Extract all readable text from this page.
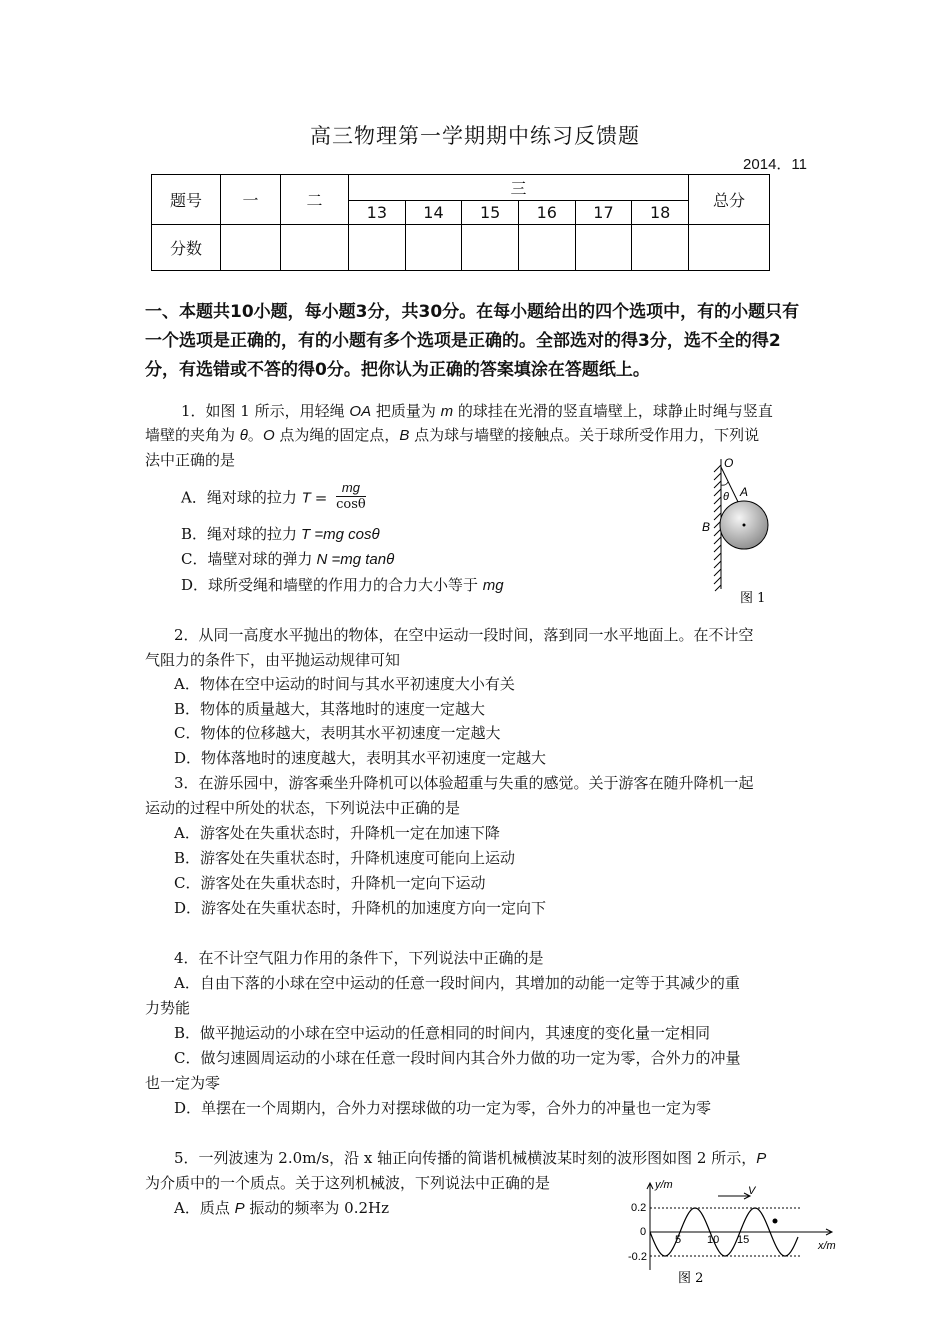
高三物理第一学期期中练习反馈题
2014．11
题号	一	二	三						总分
			13	14	15	16	17	18	
分数									
一、本题共10小题，每小题3分，共30分。在每小题给出的四个选项中，有的小题只有一个选项是正确的，有的小题有多个选项是正确的。全部选对的得3分，选不全的得2分，有选错或不答的得0分。把你认为正确的答案填涂在答题纸上。
1．如图 1 所示，用轻绳 OA 把质量为 m 的球挂在光滑的竖直墙壁上，球静止时绳与竖直
墙壁的夹角为 θ。O 点为绳的固定点，B 点为球与墙壁的接触点。关于球所受作用力，下列说
法中正确的是
A．绳对球的拉力 $T = \frac{mg}{\cos\theta}$
B．绳对球的拉力 T =mg cosθ
C．墙壁对球的弹力 N =mg tanθ
D．球所受绳和墙壁的作用力的合力大小等于 mg
O
θ A
B
图 1
2．从同一高度水平抛出的物体，在空中运动一段时间，落到同一水平地面上。在不计空
气阻力的条件下，由平抛运动规律可知
A．物体在空中运动的时间与其水平初速度大小有关
B．物体的质量越大，其落地时的速度一定越大
C．物体的位移越大，表明其水平初速度一定越大
D．物体落地时的速度越大，表明其水平初速度一定越大
3．在游乐园中，游客乘坐升降机可以体验超重与失重的感觉。关于游客在随升降机一起
运动的过程中所处的状态，下列说法中正确的是
A．游客处在失重状态时，升降机一定在加速下降
B．游客处在失重状态时，升降机速度可能向上运动
C．游客处在失重状态时，升降机一定向下运动
D．游客处在失重状态时，升降机的加速度方向一定向下
4．在不计空气阻力作用的条件下，下列说法中正确的是
A．自由下落的小球在空中运动的任意一段时间内，其增加的动能一定等于其减少的重
力势能
B．做平抛运动的小球在空中运动的任意相同的时间内，其速度的变化量一定相同
C．做匀速圆周运动的小球在任意一段时间内其合外力做的功一定为零，合外力的冲量
也一定为零
D．单摆在一个周期内，合外力对摆球做的功一定为零，合外力的冲量也一定为零
5．一列波速为 2.0m/s，沿 x 轴正向传播的简谐机械横波某时刻的波形图如图 2 所示，P
为介质中的一个质点。关于这列机械波，下列说法中正确的是
A．质点 P 振动的频率为 0.2Hz
y/m
x/m
V
0.2
0
-0.2
5 10 15
图 2
